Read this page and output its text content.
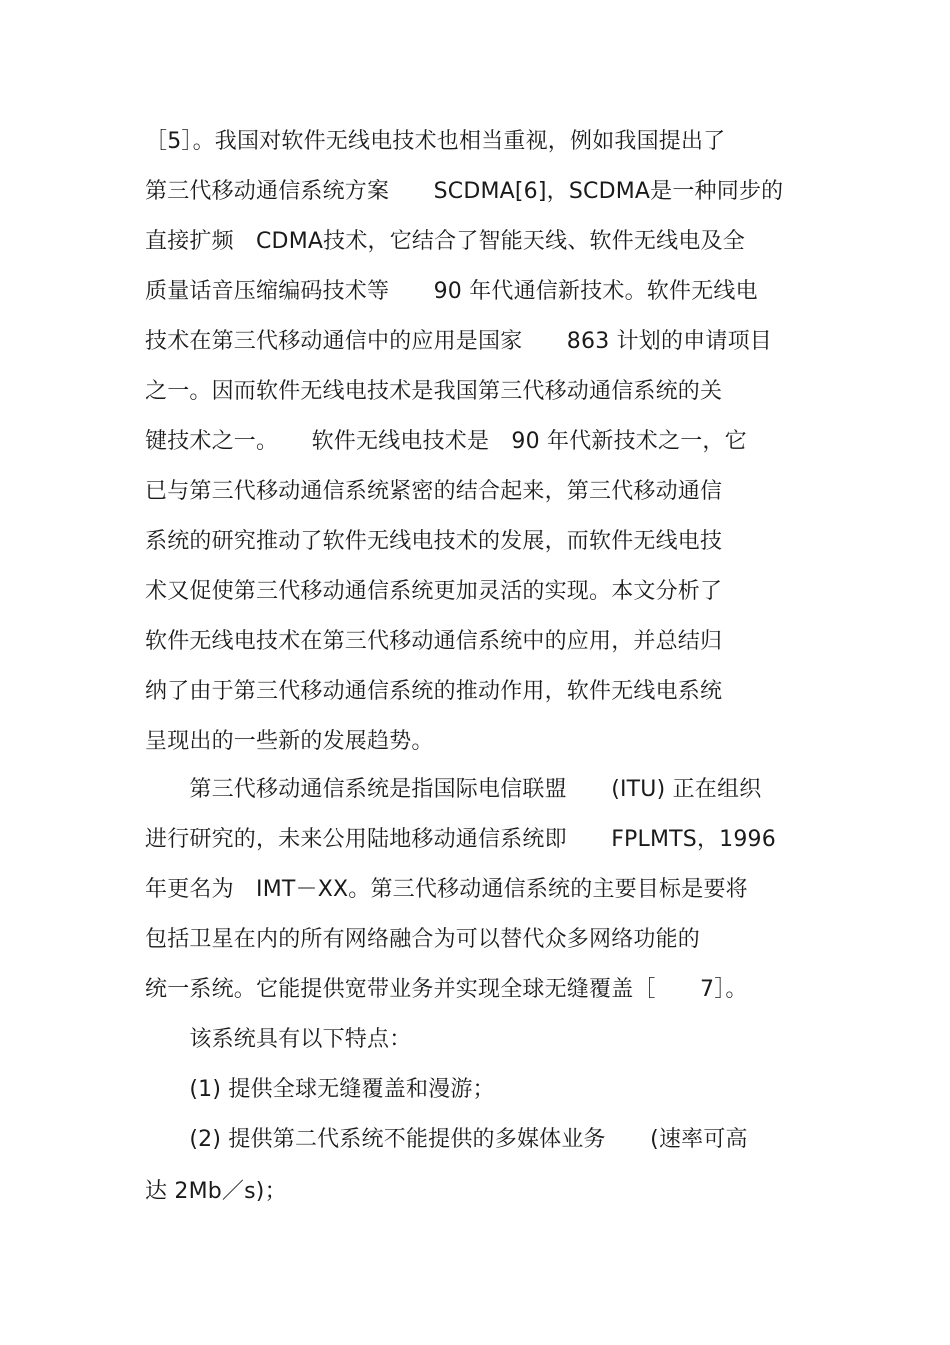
［5］。我国对软件无线电技术也相当重视，例如我国提出了
第三代移动通信系统方案　　SCDMA[6]，SCDMA是一种同步的
直接扩频　CDMA技术，它结合了智能天线、软件无线电及全
质量话音压缩编码技术等　　90 年代通信新技术。软件无线电
技术在第三代移动通信中的应用是国家　　863 计划的申请项目
之一。因而软件无线电技术是我国第三代移动通信系统的关
键技术之一。　　软件无线电技术是　90 年代新技术之一，它
已与第三代移动通信系统紧密的结合起来，第三代移动通信
系统的研究推动了软件无线电技术的发展，而软件无线电技
术又促使第三代移动通信系统更加灵活的实现。本文分析了
软件无线电技术在第三代移动通信系统中的应用，并总结归
纳了由于第三代移动通信系统的推动作用，软件无线电系统
呈现出的一些新的发展趋势。
　　第三代移动通信系统是指国际电信联盟　　(ITU) 正在组织
进行研究的，未来公用陆地移动通信系统即　　FPLMTS，1996
年更名为　IMT－XX。第三代移动通信系统的主要目标是要将
包括卫星在内的所有网络融合为可以替代众多网络功能的
统一系统。它能提供宽带业务并实现全球无缝覆盖［　　7］。
　　该系统具有以下特点：
　　(1) 提供全球无缝覆盖和漫游；
　　(2) 提供第二代系统不能提供的多媒体业务　　(速率可高
达 2Mb／s)；
